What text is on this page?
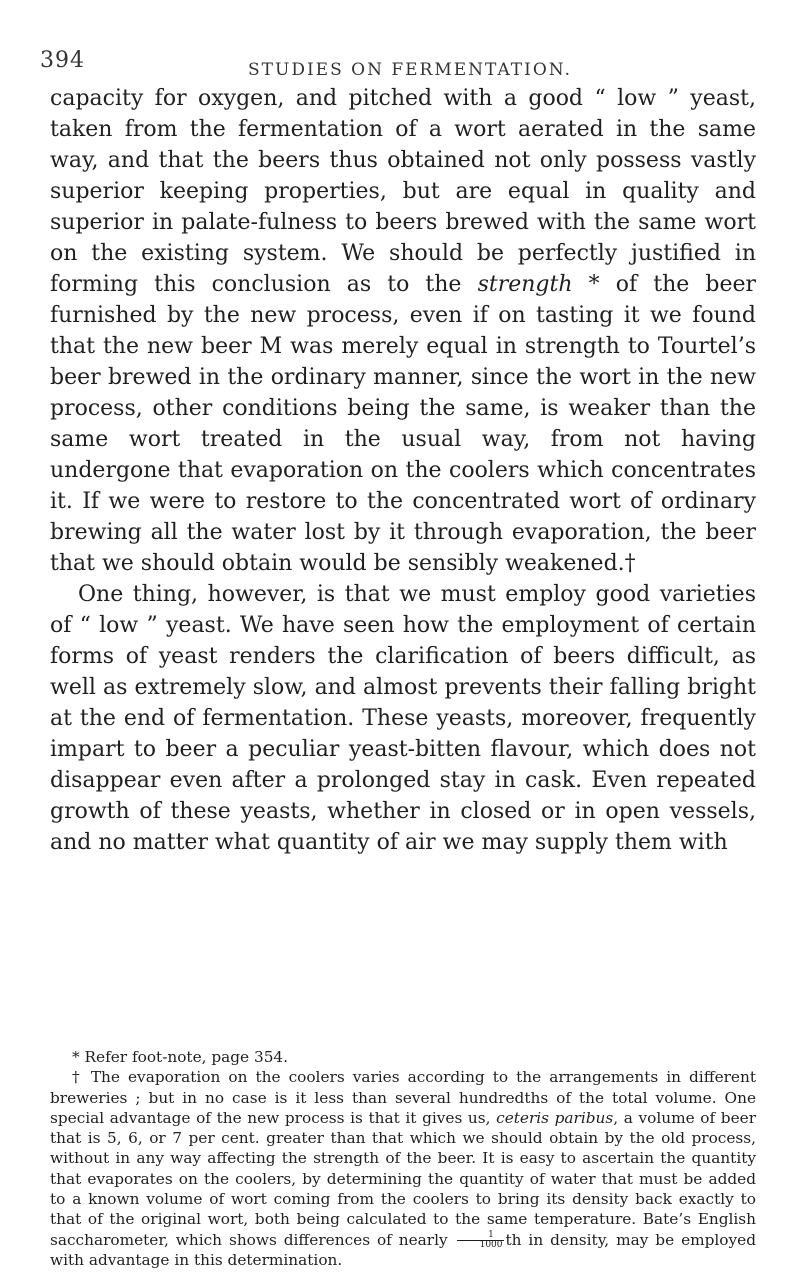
394	STUDIES ON FERMENTATION.

capacity for oxygen, and pitched with a good “ low ” yeast, taken from the fermentation of a wort aerated in the same way, and that the beers thus obtained not only possess vastly superior keeping properties, but are equal in quality and superior in palate-fulness to beers brewed with the same wort on the existing system. We should be perfectly justified in forming this conclusion as to the strength * of the beer furnished by the new process, even if on tasting it we found that the new beer M was merely equal in strength to Tourtel’s beer brewed in the ordinary manner, since the wort in the new process, other conditions being the same, is weaker than the same wort treated in the usual way, from not having undergone that evaporation on the coolers which concentrates it. If we were to restore to the concentrated wort of ordinary brewing all the water lost by it through evaporation, the beer that we should obtain would be sensibly weakened.†

One thing, however, is that we must employ good varieties of “ low ” yeast. We have seen how the employment of certain forms of yeast renders the clarification of beers difficult, as well as extremely slow, and almost prevents their falling bright at the end of fermentation. These yeasts, moreover, frequently impart to beer a peculiar yeast-bitten flavour, which does not disappear even after a prolonged stay in cask. Even repeated growth of these yeasts, whether in closed or in open vessels, and no matter what quantity of air we may supply them with

* Refer foot-note, page 354.

† The evaporation on the coolers varies according to the arrangements in different breweries ; but in no case is it less than several hundredths of the total volume. One special advantage of the new process is that it gives us, ceteris paribus, a volume of beer that is 5, 6, or 7 per cent. greater than that which we should obtain by the old process, without in any way affecting the strength of the beer. It is easy to ascertain the quantity that evaporates on the coolers, by determining the quantity of water that must be added to a known volume of wort coming from the coolers to bring its density back exactly to that of the original wort, both being calculated to the same temperature. Bate’s English saccharometer, which shows differences of nearly $\frac{1}{1000}$ th in density, may be employed with advantage in this determination.
